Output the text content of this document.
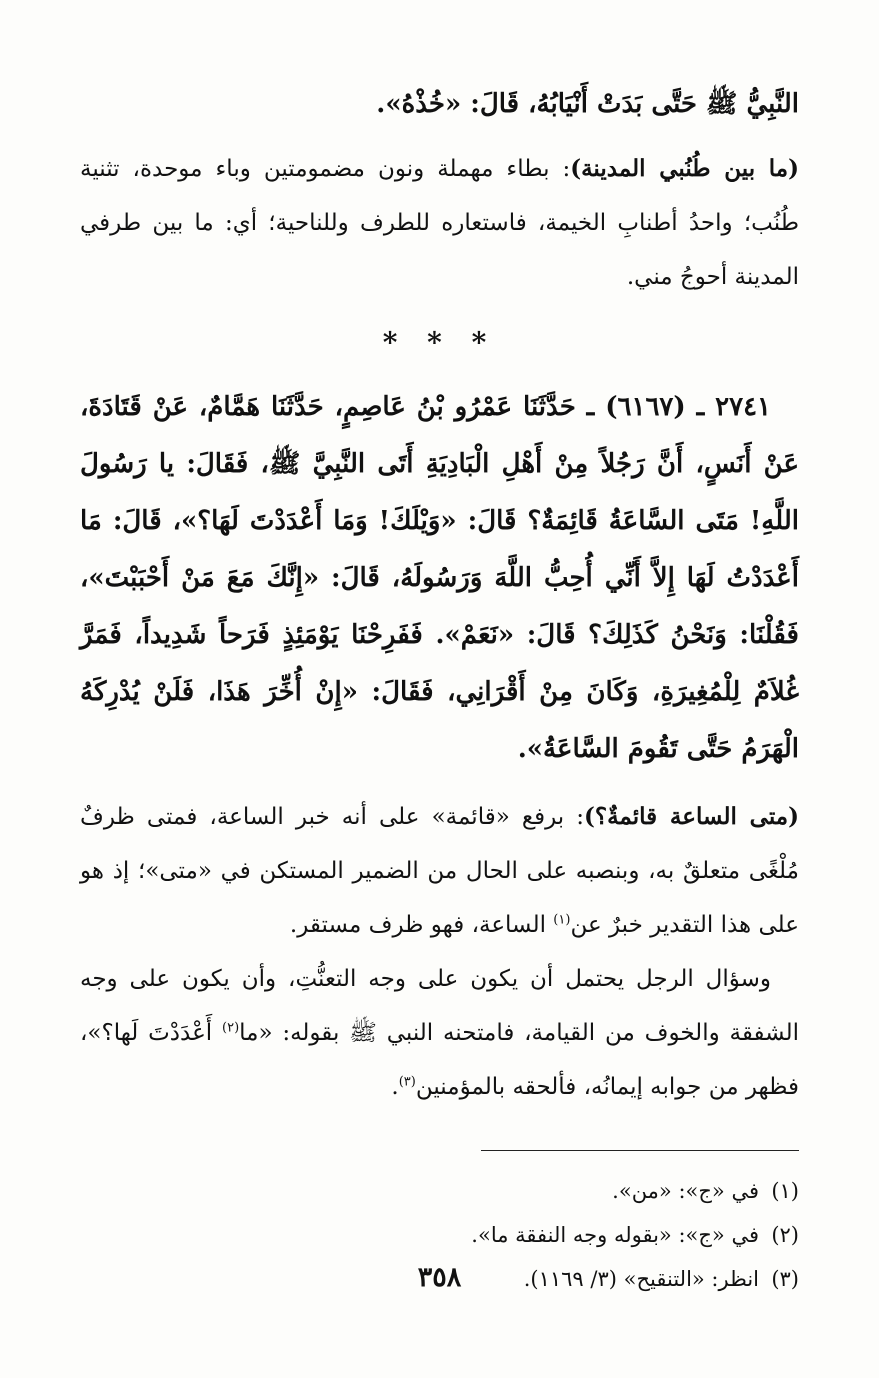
النَّبِيُّ ﷺ حَتَّى بَدَتْ أَنْيَابُهُ، قَالَ: «خُذْهُ».

(ما بين طُنُبي المدينة): بطاء مهملة ونون مضمومتين وباء موحدة، تثنية طُنُب؛ واحدُ أطنابِ الخيمة، فاستعاره للطرف وللناحية؛ أي: ما بين طرفي المدينة أحوجُ مني.

* * *

٢٧٤١ ـ (٦١٦٧) ـ حَدَّثَنَا عَمْرُو بْنُ عَاصِمٍ، حَدَّثَنَا هَمَّامٌ، عَنْ قَتَادَةَ، عَنْ أَنَسٍ، أَنَّ رَجُلاً مِنْ أَهْلِ الْبَادِيَةِ أَتَى النَّبِيَّ ﷺ، فَقَالَ: يا رَسُولَ اللَّهِ! مَتَى السَّاعَةُ قَائِمَةٌ؟ قَالَ: «وَيْلَكَ! وَمَا أَعْدَدْتَ لَهَا؟»، قَالَ: مَا أَعْدَدْتُ لَهَا إِلاَّ أَنِّي أُحِبُّ اللَّهَ وَرَسُولَهُ، قَالَ: «إِنَّكَ مَعَ مَنْ أَحْبَبْتَ»، فَقُلْنَا: وَنَحْنُ كَذَلِكَ؟ قَالَ: «نَعَمْ». فَفَرِحْنَا يَوْمَئِذٍ فَرَحاً شَدِيداً، فَمَرَّ غُلاَمٌ لِلْمُغِيرَةِ، وَكَانَ مِنْ أَقْرَانِي، فَقَالَ: «إِنْ أُخِّرَ هَذَا، فَلَنْ يُدْرِكَهُ الْهَرَمُ حَتَّى تَقُومَ السَّاعَةُ».

(متى الساعة قائمةٌ؟): برفع «قائمة» على أنه خبر الساعة، فمتى ظرفٌ مُلْغًى متعلقٌ به، وبنصبه على الحال من الضمير المستكن في «متى»؛ إذ هو على هذا التقدير خبرٌ عن$^{(١)}$ الساعة، فهو ظرف مستقر.

وسؤال الرجل يحتمل أن يكون على وجه التعنُّتِ، وأن يكون على وجه الشفقة والخوف من القيامة، فامتحنه النبي ﷺ بقوله: «ما$^{(٢)}$ أَعْدَدْتَ لَها؟»، فظهر من جوابه إيمانُه، فألحقه بالمؤمنين$^{(٣)}$.

(١)في «ج»: «من».

(٢)في «ج»: «بقوله وجه النفقة ما».

(٣)انظر: «التنقيح» (٣/ ١١٦٩).

٣٥٨
